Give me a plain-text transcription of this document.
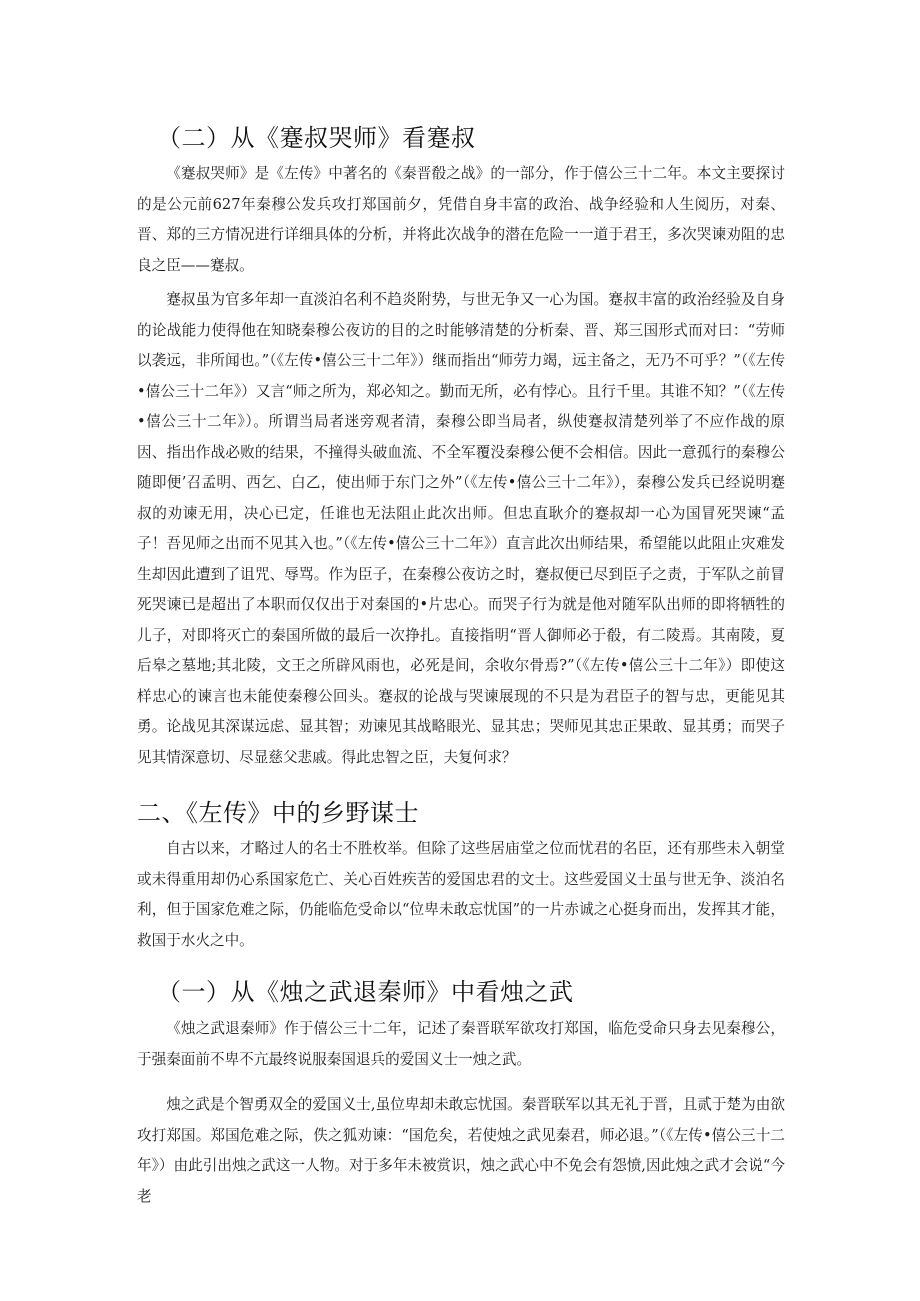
（二）从《蹇叔哭师》看蹇叔

《蹇叔哭师》是《左传》中著名的《秦晋殽之战》的一部分，作于僖公三十二年。本文主要探讨的是公元前627年秦穆公发兵攻打郑国前夕，凭借自身丰富的政治、战争经验和人生阅历，对秦、晋、郑的三方情况进行详细具体的分析，并将此次战争的潜在危险一一道于君王，多次哭谏劝阻的忠良之臣——蹇叔。

蹇叔虽为官多年却一直淡泊名利不趋炎附势，与世无争又一心为国。蹇叔丰富的政治经验及自身的论战能力使得他在知晓秦穆公夜访的目的之时能够清楚的分析秦、晋、郑三国形式而对曰：“劳师以袭远，非所闻也。”（《左传•僖公三十二年》）继而指出“师劳力竭，远主备之，无乃不可乎？”（《左传•僖公三十二年》）又言“师之所为，郑必知之。勤而无所，必有悖心。且行千里。其谁不知？”（《左传•僖公三十二年》）。所谓当局者迷旁观者清，秦穆公即当局者，纵使蹇叔清楚列举了不应作战的原因、指出作战必败的结果，不撞得头破血流、不全军覆没秦穆公便不会相信。因此一意孤行的秦穆公随即便’召孟明、西乞、白乙，使出师于东门之外”（《左传•僖公三十二年》），秦穆公发兵已经说明蹇叔的劝谏无用，决心已定，任谁也无法阻止此次出师。但忠直耿介的蹇叔却一心为国冒死哭谏“孟子！吾见师之出而不见其入也。”（《左传•僖公三十二年》）直言此次出师结果，希望能以此阻止灾难发生却因此遭到了诅咒、辱骂。作为臣子，在秦穆公夜访之时，蹇叔便已尽到臣子之责，于军队之前冒死哭谏已是超出了本职而仅仅出于对秦国的•片忠心。而哭子行为就是他对随军队出师的即将牺牲的儿子，对即将灭亡的秦国所做的最后一次挣扎。直接指明“晋人御师必于殽，有二陵焉。其南陵，夏后皋之墓地;其北陵，文王之所辟风雨也，必死是间，余收尔骨焉?”（《左传•僖公三十二年》）即使这样忠心的谏言也未能使秦穆公回头。蹇叔的论战与哭谏展现的不只是为君臣子的智与忠，更能见其勇。论战见其深谋远虑、显其智；劝谏见其战略眼光、显其忠；哭师见其忠正果敢、显其勇；而哭子见其情深意切、尽显慈父悲戚。得此忠智之臣，夫复何求？

二、《左传》中的乡野谋士

自古以来，才略过人的名士不胜枚举。但除了这些居庙堂之位而忧君的名臣，还有那些未入朝堂或未得重用却仍心系国家危亡、关心百姓疾苦的爱国忠君的文士。这些爱国义士虽与世无争、淡泊名利，但于国家危难之际，仍能临危受命以“位卑未敢忘忧国”的一片赤诚之心挺身而出，发挥其才能，救国于水火之中。

（一）从《烛之武退秦师》中看烛之武

《烛之武退秦师》作于僖公三十二年，记述了秦晋联军欲攻打郑国，临危受命只身去见秦穆公，于强秦面前不卑不亢最终说服秦国退兵的爱国义士一烛之武。

烛之武是个智勇双全的爱国义士,虽位卑却未敢忘忧国。秦晋联军以其无礼于晋，且贰于楚为由欲攻打郑国。郑国危难之际，佚之狐劝谏：“国危矣，若使烛之武见秦君，师必退。”（《左传•僖公三十二年》）由此引出烛之武这一人物。对于多年未被赏识，烛之武心中不免会有怨愤,因此烛之武才会说“今老
